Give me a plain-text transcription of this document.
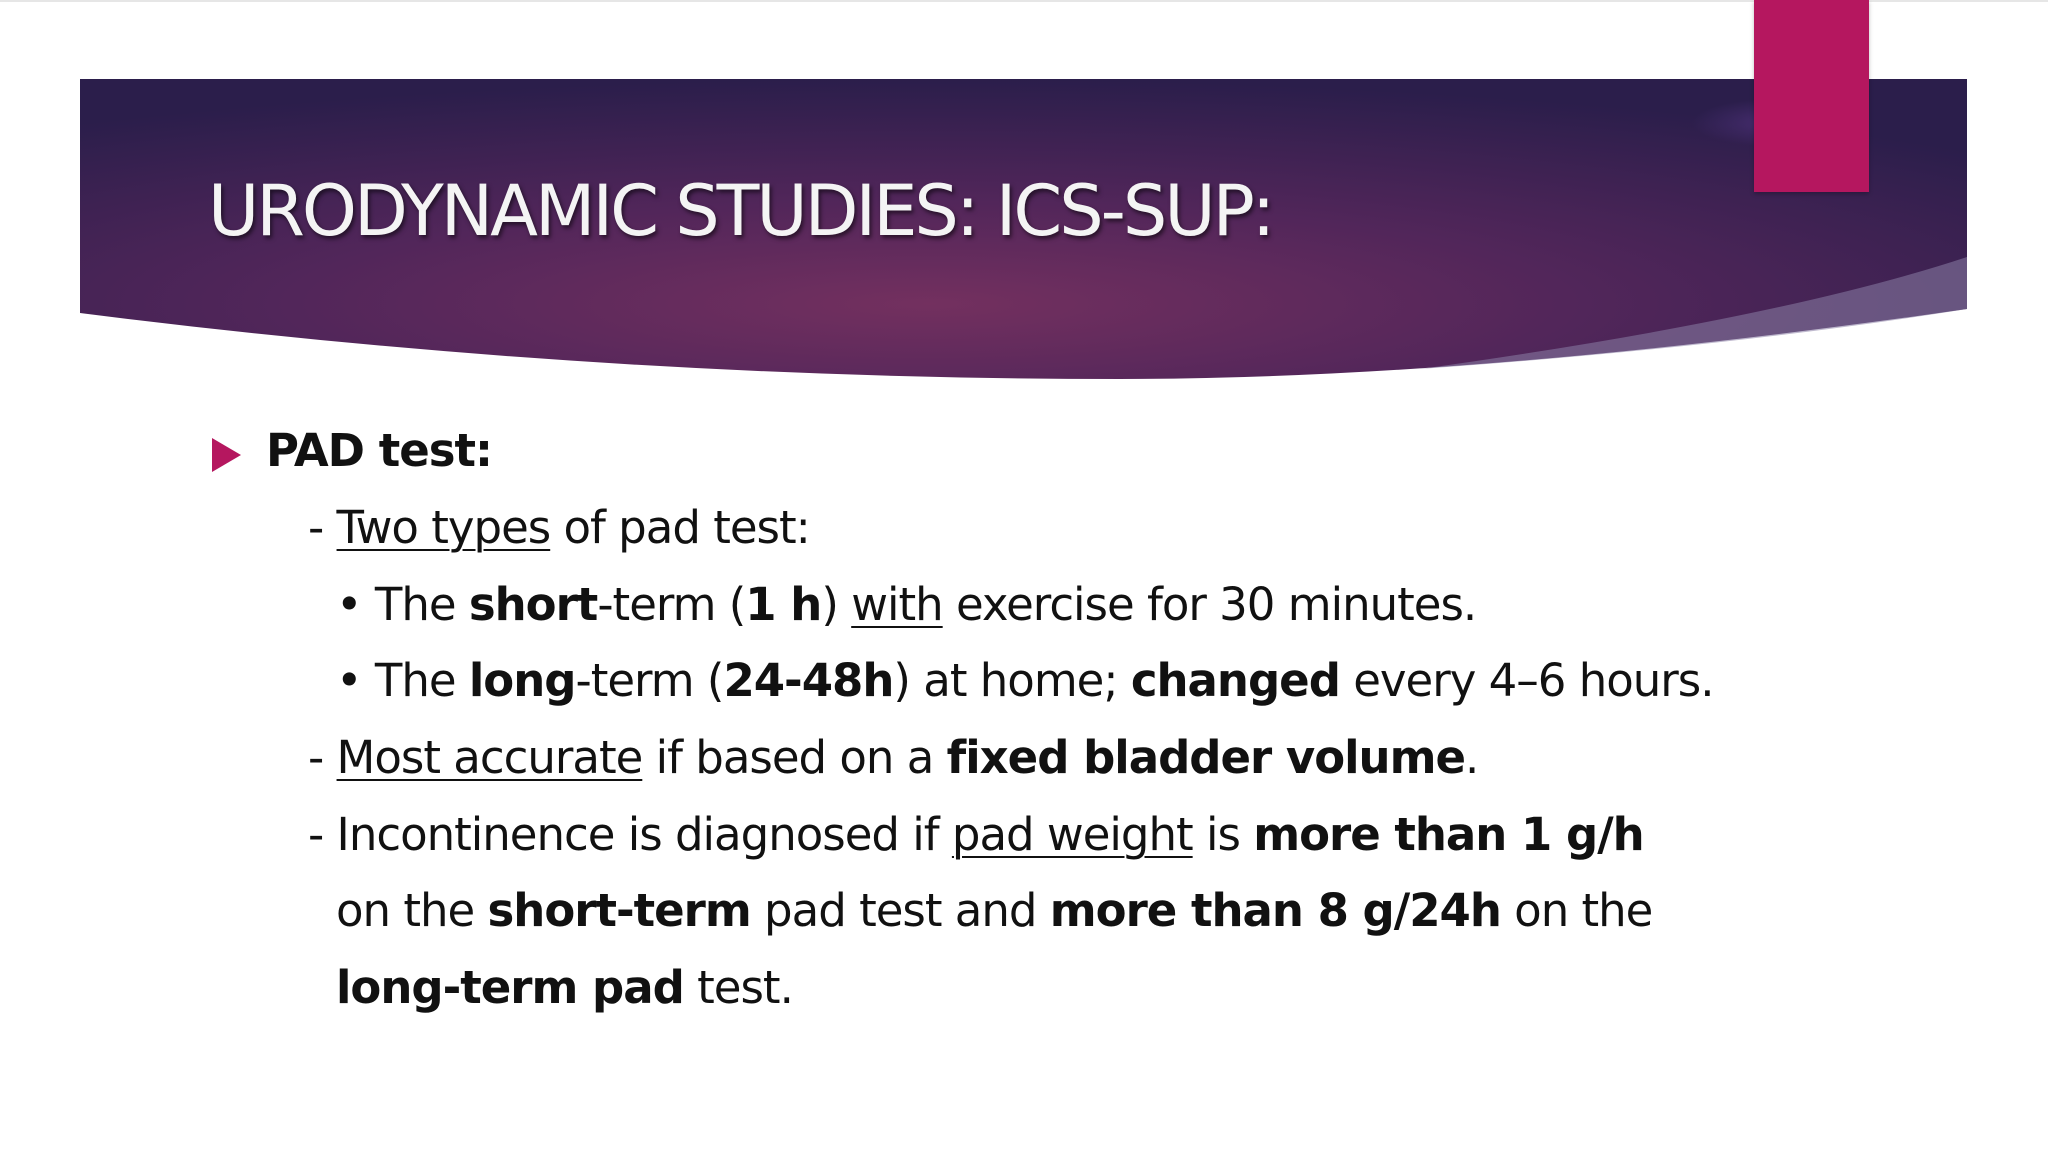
URODYNAMIC STUDIES: ICS-SUP:
PAD test:
- Two types of pad test:
• The short-term (1 h) with exercise for 30 minutes.
• The long-term (24-48h) at home; changed every 4–6 hours.
- Most accurate if based on a fixed bladder volume.
- Incontinence is diagnosed if pad weight is more than 1 g/h
on the short-term pad test and more than 8 g/24h on the
long-term pad test.
